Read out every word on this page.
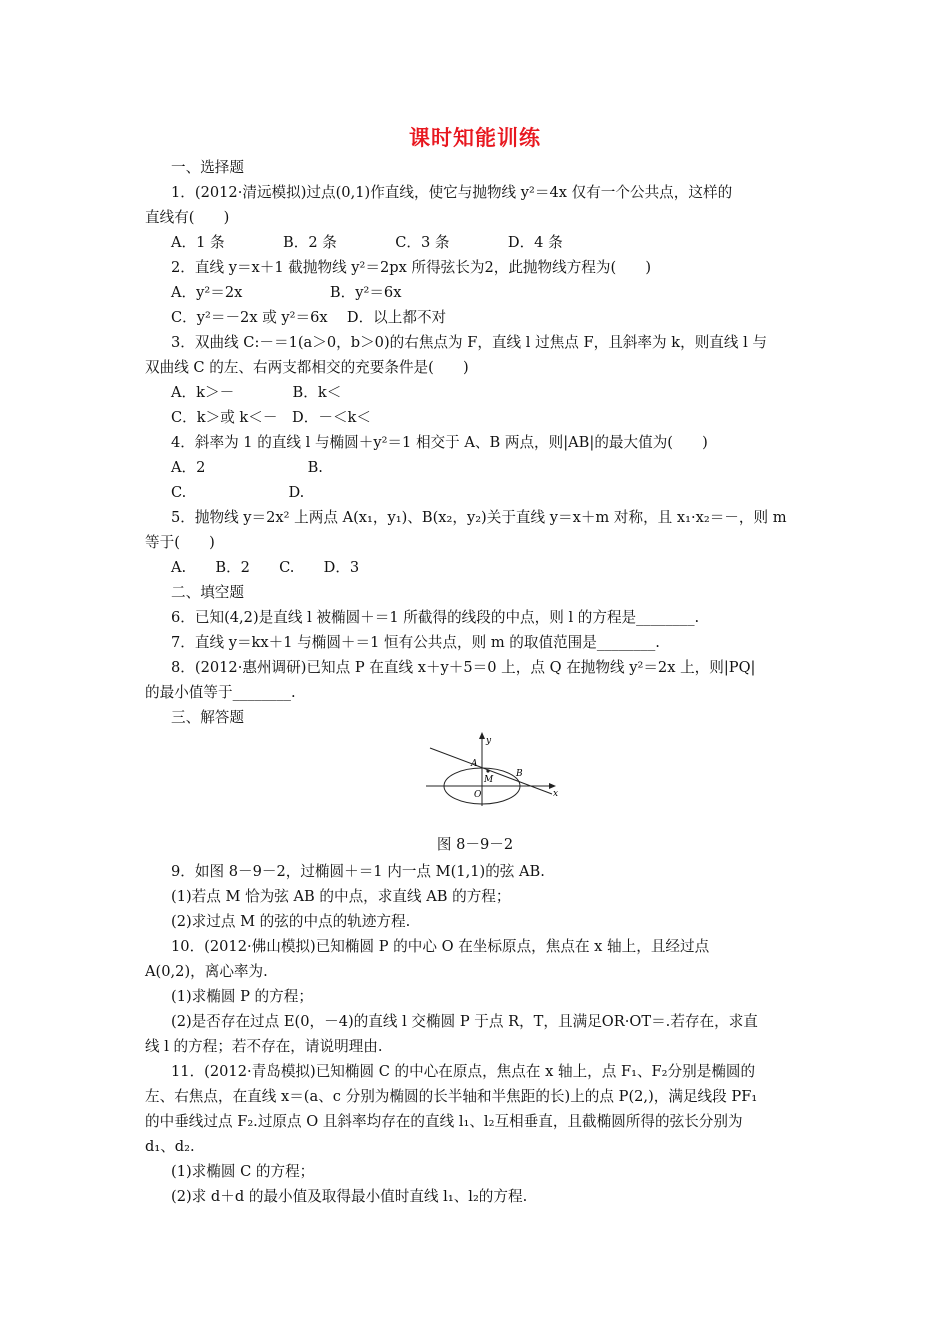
课时知能训练
一、选择题
1．(2012·清远模拟)过点(0,1)作直线，使它与抛物线 y²＝4x 仅有一个公共点，这样的
直线有(　　)
A．1 条　　　　B．2 条　　　　C．3 条　　　　D．4 条
2．直线 y＝x＋1 截抛物线 y²＝2px 所得弦长为2，此抛物线方程为(　　)
A．y²＝2x　　　　　　B．y²＝6x
C．y²＝－2x 或 y²＝6x　 D．以上都不对
3．双曲线 C:－＝1(a＞0，b＞0)的右焦点为 F，直线 l 过焦点 F，且斜率为 k，则直线 l 与
双曲线 C 的左、右两支都相交的充要条件是(　　)
A．k＞－　　　　B．k＜
C．k＞或 k＜－　D．－＜k＜
4．斜率为 1 的直线 l 与椭圆＋y²＝1 相交于 A、B 两点，则|AB|的最大值为(　　)
A．2　　　　　　　B.
C.　　　　　　　D.
5．抛物线 y＝2x² 上两点 A(x₁，y₁)、B(x₂，y₂)关于直线 y＝x＋m 对称，且 x₁·x₂＝－，则 m
等于(　　)
A.　　B．2　　C.　　D．3
二、填空题
6．已知(4,2)是直线 l 被椭圆＋＝1 所截得的线段的中点，则 l 的方程是________.
7．直线 y＝kx＋1 与椭圆＋＝1 恒有公共点，则 m 的取值范围是________.
8．(2012·惠州调研)已知点 P 在直线 x＋y＋5＝0 上，点 Q 在抛物线 y²＝2x 上，则|PQ|
的最小值等于________.
三、解答题
y
A
M
B
O	x
图 8－9－2
9．如图 8－9－2，过椭圆＋＝1 内一点 M(1,1)的弦 AB.
(1)若点 M 恰为弦 AB 的中点，求直线 AB 的方程；
(2)求过点 M 的弦的中点的轨迹方程.
10．(2012·佛山模拟)已知椭圆 P 的中心 O 在坐标原点，焦点在 x 轴上，且经过点
A(0,2)，离心率为.
(1)求椭圆 P 的方程；
(2)是否存在过点 E(0，－4)的直线 l 交椭圆 P 于点 R，T，且满足OR·OT＝.若存在，求直
线 l 的方程；若不存在，请说明理由.
11．(2012·青岛模拟)已知椭圆 C 的中心在原点，焦点在 x 轴上，点 F₁、F₂分别是椭圆的
左、右焦点，在直线 x＝(a、c 分别为椭圆的长半轴和半焦距的长)上的点 P(2,)，满足线段 PF₁
的中垂线过点 F₂.过原点 O 且斜率均存在的直线 l₁、l₂互相垂直，且截椭圆所得的弦长分别为
d₁、d₂.
(1)求椭圆 C 的方程；
(2)求 d＋d 的最小值及取得最小值时直线 l₁、l₂的方程.
